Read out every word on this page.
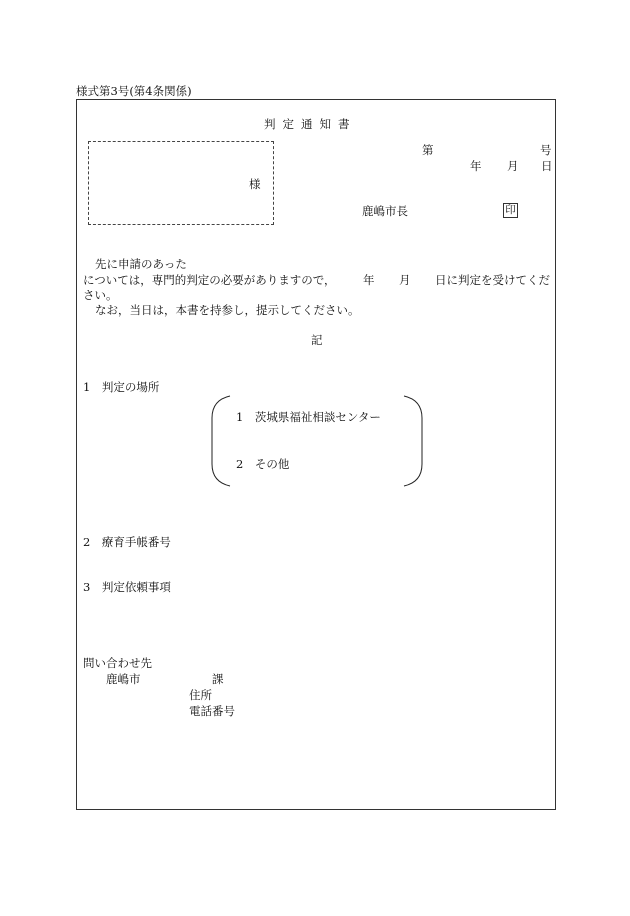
様式第3号(第4条関係)
判定通知書
様
第	号
年 月 日
鹿嶋市長	印
先に申請のあった
については，専門的判定の必要がありますので， 年 月 日に判定を受けてくだ
さい。
なお，当日は，本書を持参し，提示してください。
記
1　判定の場所
1　茨城県福祉相談センター
2　その他
2　療育手帳番号
3　判定依頼事項
問い合わせ先
鹿嶋市	課
住所
電話番号
